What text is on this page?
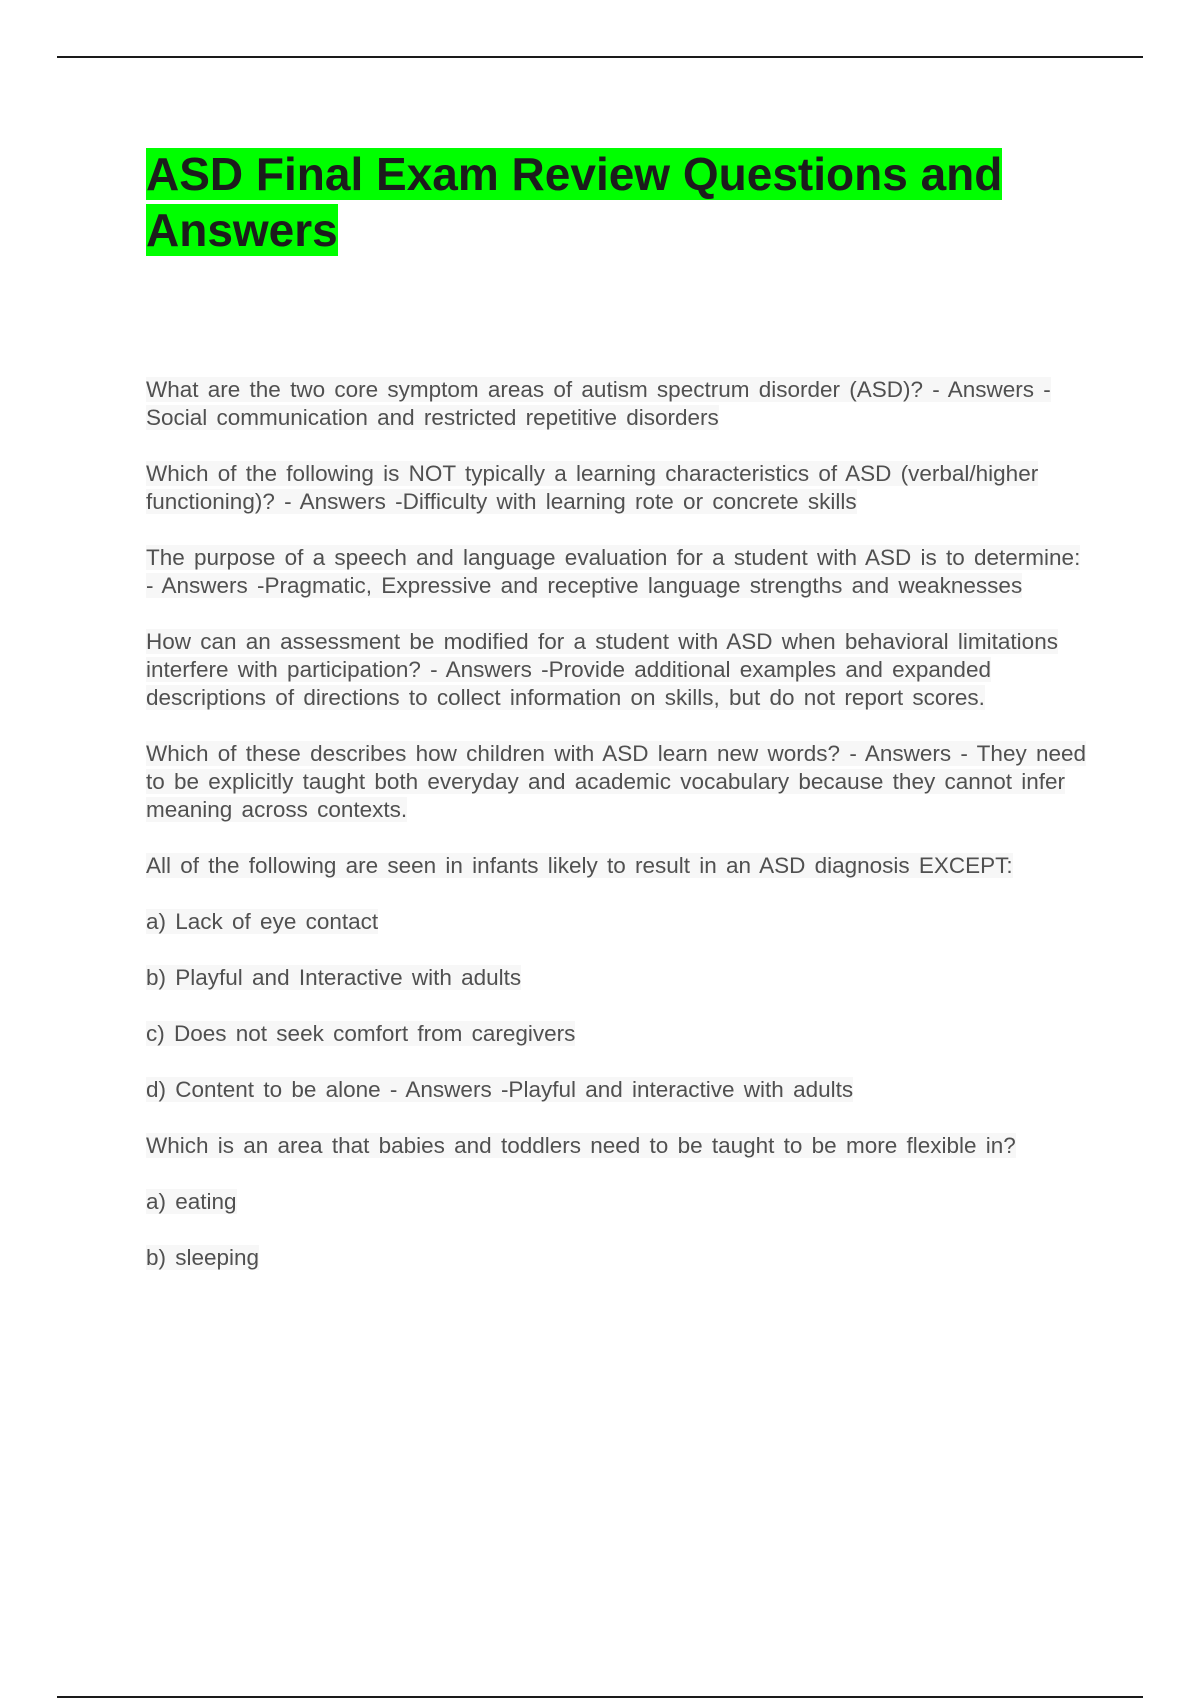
ASD Final Exam Review Questions and Answers

What are the two core symptom areas of autism spectrum disorder (ASD)? - Answers -Social communication and restricted repetitive disorders

Which of the following is NOT typically a learning characteristics of ASD (verbal/higher functioning)? - Answers -Difficulty with learning rote or concrete skills

The purpose of a speech and language evaluation for a student with ASD is to determine: - Answers -Pragmatic, Expressive and receptive language strengths and weaknesses

How can an assessment be modified for a student with ASD when behavioral limitations interfere with participation? - Answers -Provide additional examples and expanded descriptions of directions to collect information on skills, but do not report scores.

Which of these describes how children with ASD learn new words? - Answers - They need to be explicitly taught both everyday and academic vocabulary because they cannot infer meaning across contexts.

All of the following are seen in infants likely to result in an ASD diagnosis EXCEPT:

a) Lack of eye contact

b) Playful and Interactive with adults

c) Does not seek comfort from caregivers

d) Content to be alone - Answers -Playful and interactive with adults

Which is an area that babies and toddlers need to be taught to be more flexible in?

a) eating

b) sleeping
